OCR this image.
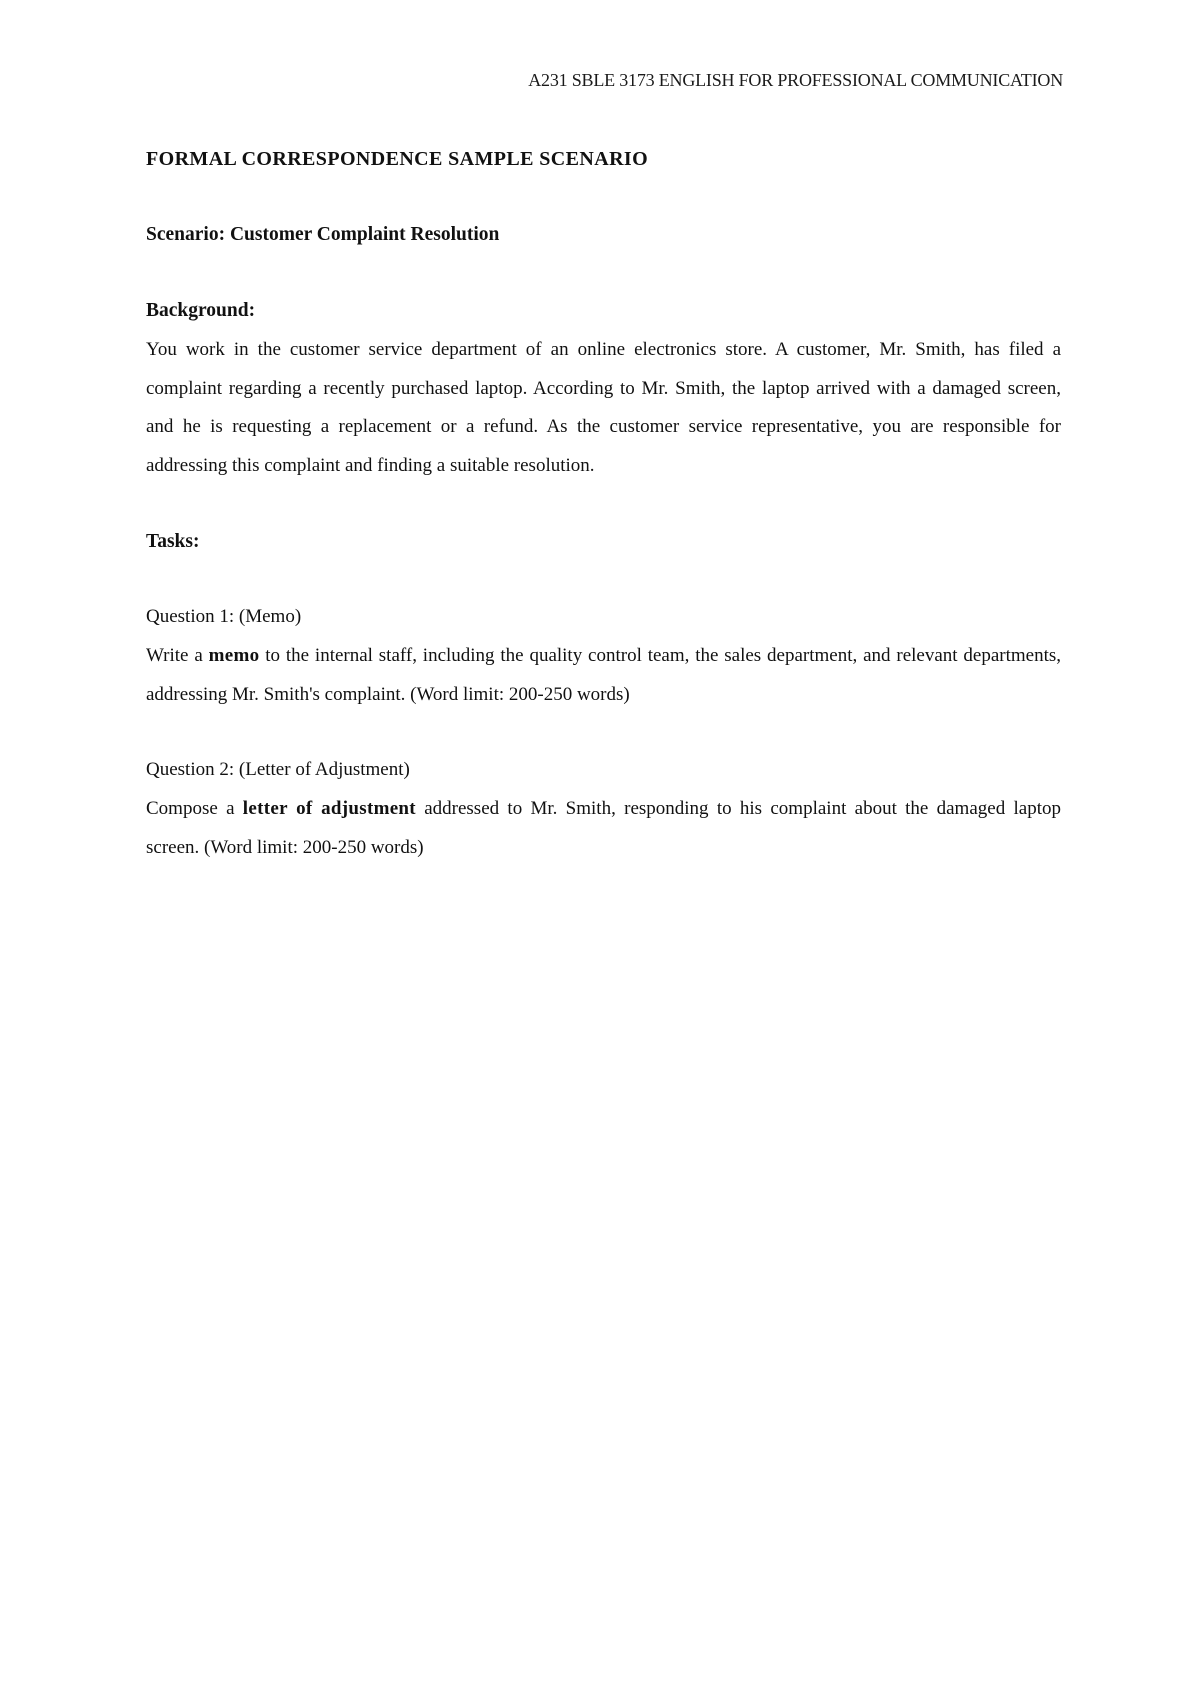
A231 SBLE 3173 ENGLISH FOR PROFESSIONAL COMMUNICATION

FORMAL CORRESPONDENCE SAMPLE SCENARIO

Scenario: Customer Complaint Resolution

Background:

You work in the customer service department of an online electronics store. A customer, Mr. Smith, has filed a complaint regarding a recently purchased laptop. According to Mr. Smith, the laptop arrived with a damaged screen, and he is requesting a replacement or a refund. As the customer service representative, you are responsible for addressing this complaint and finding a suitable resolution.

Tasks:

Question 1: (Memo)

Write a memo to the internal staff, including the quality control team, the sales department, and relevant departments, addressing Mr. Smith's complaint. (Word limit: 200-250 words)

Question 2: (Letter of Adjustment)

Compose a letter of adjustment addressed to Mr. Smith, responding to his complaint about the damaged laptop screen. (Word limit: 200-250 words)
